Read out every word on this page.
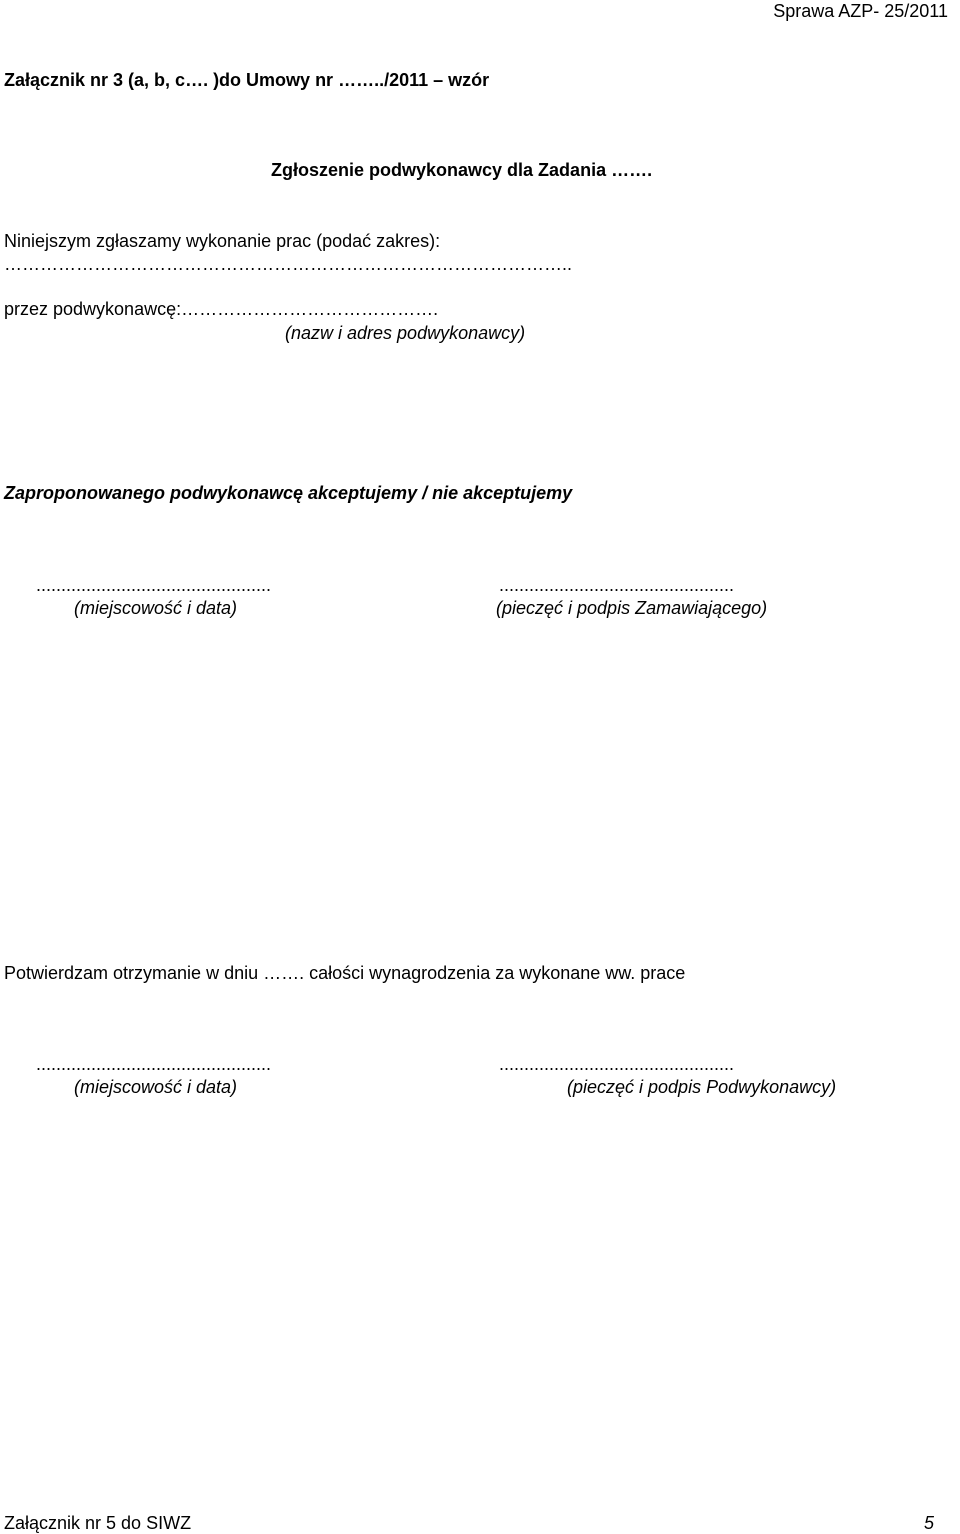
Sprawa AZP- 25/2011
Załącznik nr 3 (a, b, c…. )do Umowy nr ……../2011 – wzór
Zgłoszenie podwykonawcy dla Zadania …….
Niniejszym zgłaszamy wykonanie prac (podać zakres):
…………………………………………………………………………………..
przez podwykonawcę:…………………………………….
(nazw i adres podwykonawcy)
Zaproponowanego podwykonawcę akceptujemy / nie akceptujemy
...............................................
(miejscowość i data)
...............................................
(pieczęć i podpis Zamawiającego)
Potwierdzam otrzymanie w dniu ……. całości wynagrodzenia za wykonane ww. prace
...............................................
(miejscowość i data)
...............................................
(pieczęć i podpis Podwykonawcy)
Załącznik nr 5 do SIWZ	5
